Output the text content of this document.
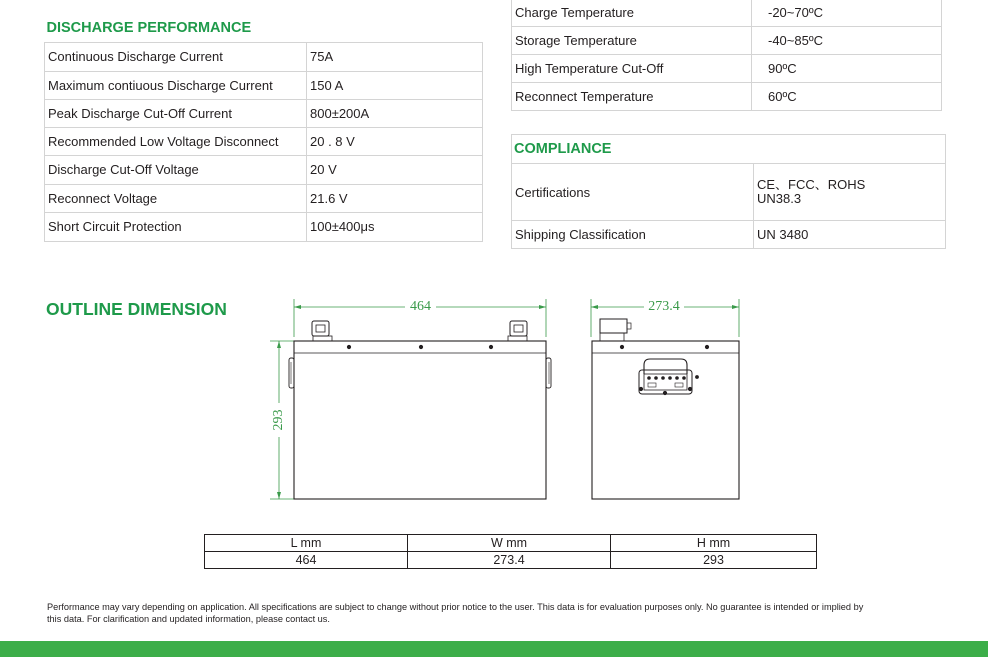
DISCHARGE PERFORMANCE	
Continuous Discharge Current	75A
Maximum contiuous Discharge Current	150 A
Peak Discharge Cut-Off Current	800±200A
Recommended Low Voltage Disconnect	20 . 8 V
Discharge Cut-Off Voltage	20 V
Reconnect Voltage	21.6 V
Short Circuit Protection	100±400μs
Charge Temperature	-20~70ºC
Storage Temperature	-40~85ºC
High Temperature Cut-Off	90ºC
Reconnect Temperature	60ºC
COMPLIANCE	
Certifications	CE、FCC、ROHS
UN38.3

Shipping Classification	UN 3480
OUTLINE DIMENSION	464
293
273.4
L mm	W mm	H mm
464	273.4	293
Performance may vary depending on application. All specifications are subject to change without prior notice to the user. This data is for evaluation purposes only. No guarantee is intended or implied by
this data. For clarification and updated information, please contact us.
